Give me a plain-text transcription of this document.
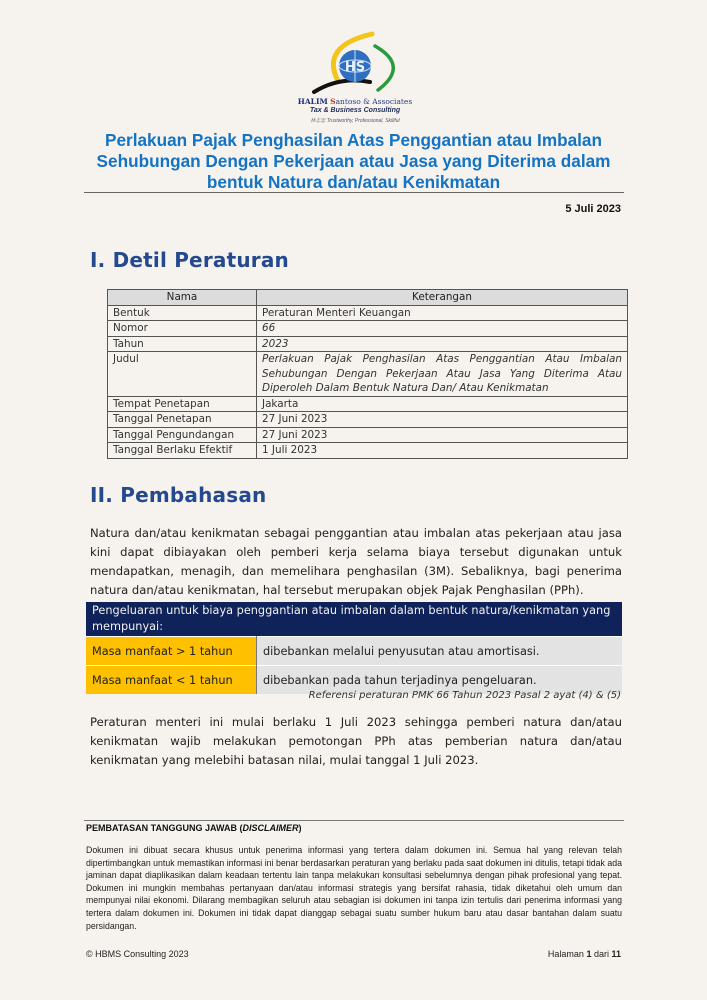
HS
HALIM Santoso & Associates
Tax & Business Consulting
林志忠 Trustworthy, Professional, Skillful
Perlakuan Pajak Penghasilan Atas Penggantian atau Imbalan
Sehubungan Dengan Pekerjaan atau Jasa yang Diterima dalam
bentuk Natura dan/atau Kenikmatan
5 Juli 2023
I. Detil Peraturan
Nama	Keterangan
Bentuk	Peraturan Menteri Keuangan
Nomor	66
Tahun	2023
Judul	Perlakuan Pajak Penghasilan Atas Penggantian Atau Imbalan Sehubungan Dengan Pekerjaan Atau Jasa Yang Diterima Atau Diperoleh Dalam Bentuk Natura Dan/ Atau Kenikmatan
Tempat Penetapan	Jakarta
Tanggal Penetapan	27 Juni 2023
Tanggal Pengundangan	27 Juni 2023
Tanggal Berlaku Efektif	1 Juli 2023
II. Pembahasan
Natura dan/atau kenikmatan sebagai penggantian atau imbalan atas pekerjaan atau jasa kini dapat dibiayakan oleh pemberi kerja selama biaya tersebut digunakan untuk mendapatkan, menagih, dan memelihara penghasilan (3M). Sebaliknya, bagi penerima natura dan/atau kenikmatan, hal tersebut merupakan objek Pajak Penghasilan (PPh).
Pengeluaran untuk biaya penggantian atau imbalan dalam bentuk natura/kenikmatan yang mempunyai:	
Masa manfaat > 1 tahun	dibebankan melalui penyusutan atau amortisasi.
Masa manfaat < 1 tahun	dibebankan pada tahun terjadinya pengeluaran.
Referensi peraturan PMK 66 Tahun 2023 Pasal 2 ayat (4) & (5)
Peraturan menteri ini mulai berlaku 1 Juli 2023 sehingga pemberi natura dan/atau kenikmatan wajib melakukan pemotongan PPh atas pemberian natura dan/atau kenikmatan yang melebihi batasan nilai, mulai tanggal 1 Juli 2023.
PEMBATASAN TANGGUNG JAWAB (DISCLAIMER)
Dokumen ini dibuat secara khusus untuk penerima informasi yang tertera dalam dokumen ini. Semua hal yang relevan telah dipertimbangkan untuk memastikan informasi ini benar berdasarkan peraturan yang berlaku pada saat dokumen ini ditulis, tetapi tidak ada jaminan dapat diaplikasikan dalam keadaan tertentu lain tanpa melakukan konsultasi sebelumnya dengan pihak profesional yang tepat. Dokumen ini mungkin membahas pertanyaan dan/atau informasi strategis yang bersifat rahasia, tidak diketahui oleh umum dan mempunyai nilai ekonomi. Dilarang membagikan seluruh atau sebagian isi dokumen ini tanpa izin tertulis dari penerima informasi yang tertera dalam dokumen ini. Dokumen ini tidak dapat dianggap sebagai suatu sumber hukum baru atau dasar bantahan dalam suatu persidangan.
© HBMS Consulting 2023	Halaman 1 dari 11
